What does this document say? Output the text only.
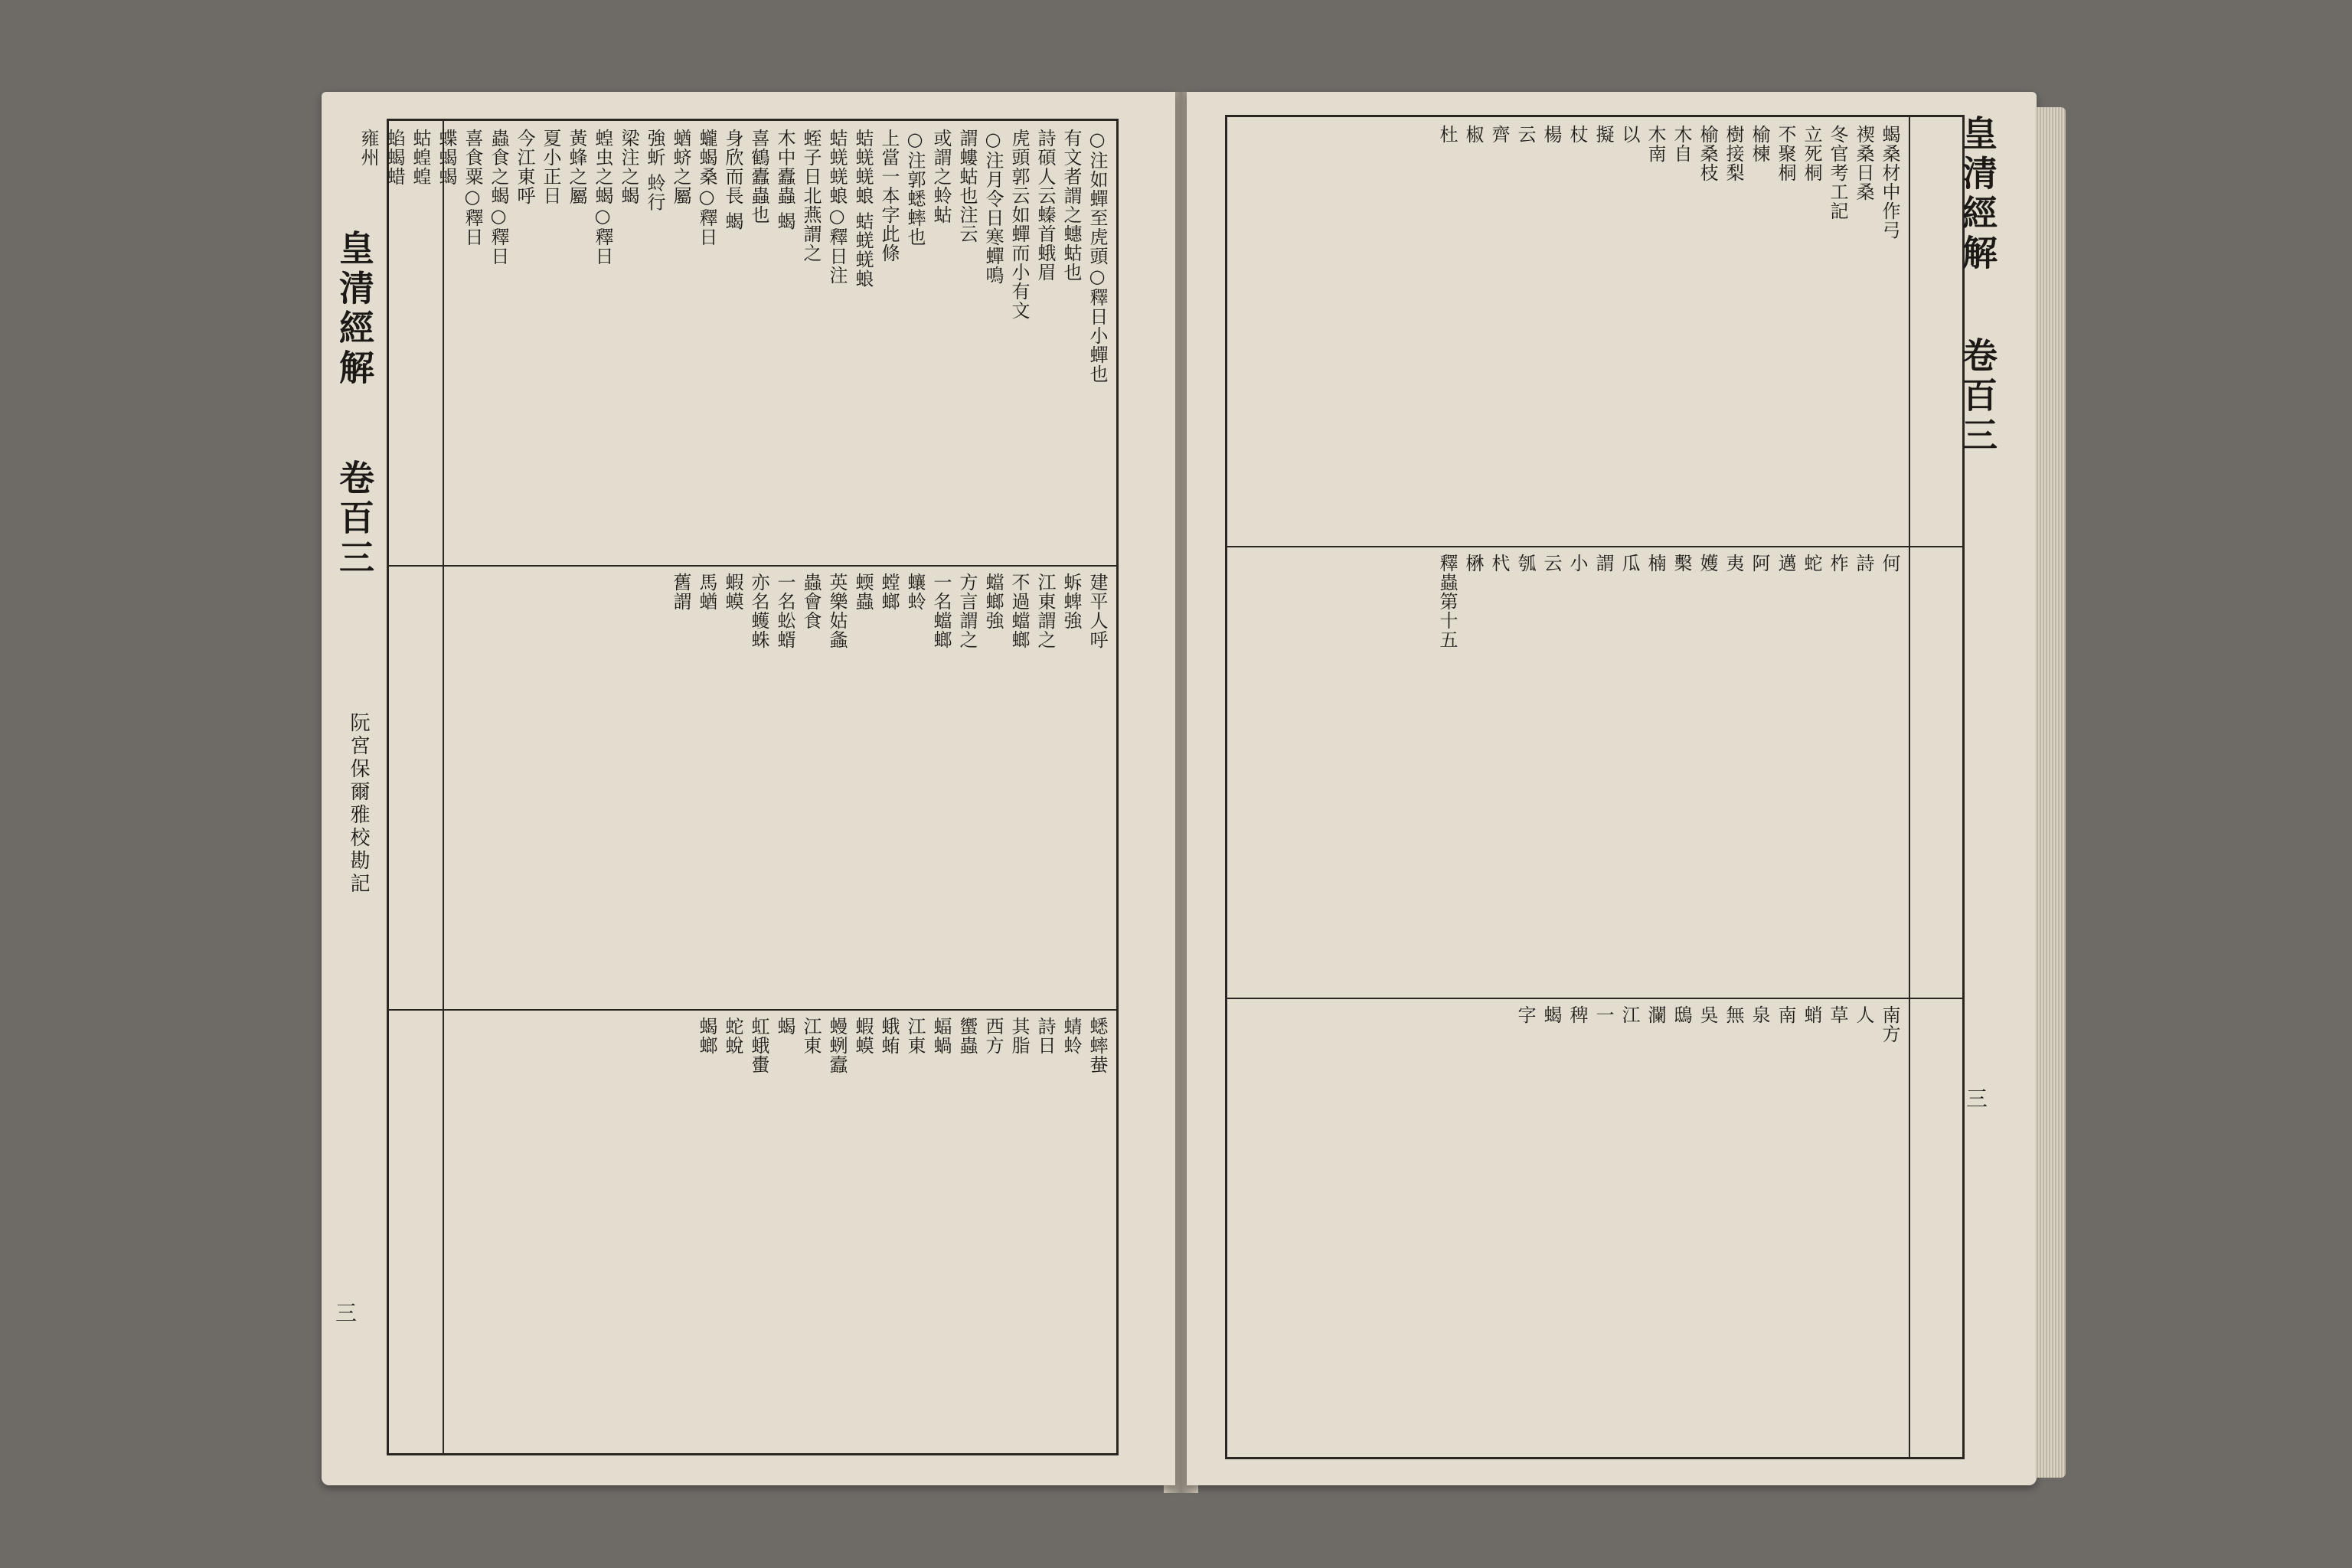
○注如蟬至虎頭○釋日小蟬也
有文者謂之蟪蛄也
詩碩人云螓首蛾眉
虎頭郭云如蟬而小有文
○注月令日寒蟬鳴
謂螻蛄也注云
或謂之蛉蛄
○注郭蟋蟀也
上當一本字此條
蛣蜣蜣蜋 蛣蜣蜣蜋
蛣蜣蜣蜋○釋日注
蛭子日北燕謂之
木中蠹蟲 蝎
喜鶴蠹蟲也
身欣而長 蝎
蠬蝎桑○釋日
蝤蛴之屬
強蚚 蛉行
梁注之蝎
蝗虫之蝎○釋日
黃蜂之屬
夏小正日
今江東呼
蟲食之蝎○釋日
喜食粟○釋日
蝶蝎蝎
蛄蝗蝗
蜭蝎蜡
雍州
建平人呼
蚸蜱強
江東謂之
不過蟷螂
蟷螂強
方言謂之
一名蟷螂
蠰蛉
螳螂
蝡蟲
英樂姑螽
蟲會食
一名蚣蝑
亦名蠖蛛
蝦蟆
馬蝤
舊謂
蟋蟀蛬
蜻蛉
詩日
其脂
西方
蠁蟲
蝠蝸
江東
蛾蛕
蝦蟆
蟃蛚蠧
江東
蝎
虹蛾蟗
蛇蛻
蝎螂
皇清經解
卷百三
阮宮保爾雅校勘記
三
蝎桑材中作弓
禊桑日桑
冬官考工記
立死桐
不聚桐
榆楝
樹接梨
榆桑枝
木自
木南
以
擬
杖
楊
云
齊
椒
杜
何
詩
柞
蛇
邁
阿
夷
嬳
檕
楠
瓜
謂
小
云
瓠
杙
楙
釋蟲第十五
南方
人
草
蛸
南
泉
無
吳
鴟
瀾
江
一
稗
蝎
字
皇清經解
卷百三
三
